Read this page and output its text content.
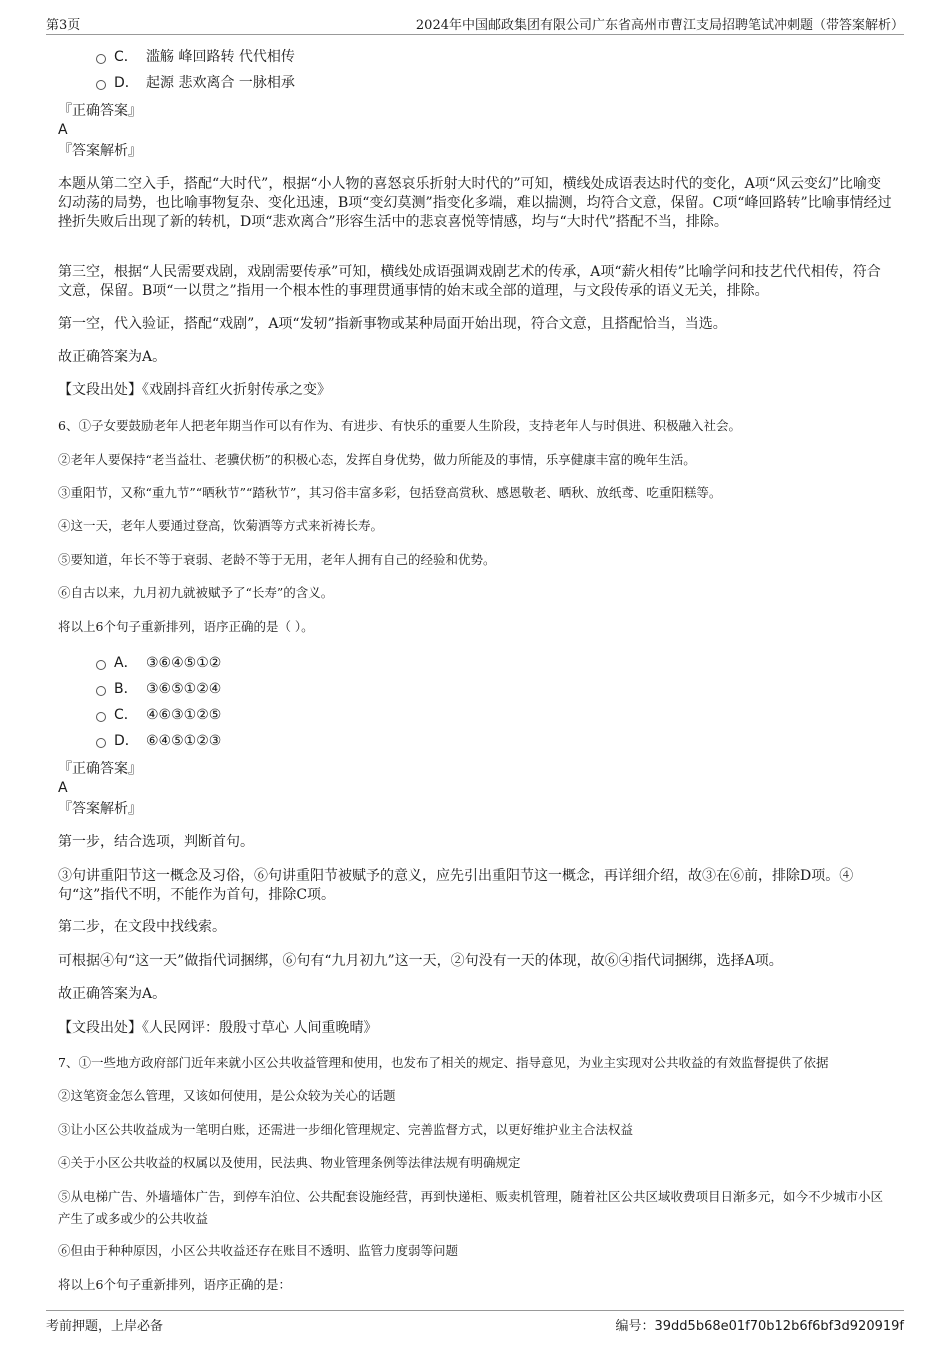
第3页	2024年中国邮政集团有限公司广东省高州市曹江支局招聘笔试冲刺题（带答案解析）
C． 滥觞 峰回路转 代代相传
D． 起源 悲欢离合 一脉相承
『正确答案』
A
『答案解析』

本题从第二空入手，搭配“大时代”，根据“小人物的喜怒哀乐折射大时代的”可知，横线处成语表达时代的变化，A项“风云变幻”比喻变幻动荡的局势，也比喻事物复杂、变化迅速，B项“变幻莫测”指变化多端，难以揣测，均符合文意，保留。C项“峰回路转”比喻事情经过挫折失败后出现了新的转机，D项“悲欢离合”形容生活中的悲哀喜悦等情感，均与“大时代”搭配不当，排除。

第三空，根据“人民需要戏剧，戏剧需要传承”可知，横线处成语强调戏剧艺术的传承，A项“薪火相传”比喻学问和技艺代代相传，符合文意，保留。B项“一以贯之”指用一个根本性的事理贯通事情的始末或全部的道理，与文段传承的语义无关，排除。

第一空，代入验证，搭配“戏剧”，A项“发轫”指新事物或某种局面开始出现，符合文意，且搭配恰当，当选。

故正确答案为A。

【文段出处】《戏剧抖音红火折射传承之变》

6、①子女要鼓励老年人把老年期当作可以有作为、有进步、有快乐的重要人生阶段，支持老年人与时俱进、积极融入社会。

②老年人要保持“老当益壮、老骥伏枥”的积极心态，发挥自身优势，做力所能及的事情，乐享健康丰富的晚年生活。

③重阳节，又称“重九节”“晒秋节”“踏秋节”，其习俗丰富多彩，包括登高赏秋、感恩敬老、晒秋、放纸鸢、吃重阳糕等。

④这一天，老年人要通过登高，饮菊酒等方式来祈祷长寿。

⑤要知道，年长不等于衰弱、老龄不等于无用，老年人拥有自己的经验和优势。

⑥自古以来，九月初九就被赋予了“长寿”的含义。

将以上6个句子重新排列，语序正确的是（ ）。

A． ③⑥④⑤①②
B． ③⑥⑤①②④
C． ④⑥③①②⑤
D． ⑥④⑤①②③
『正确答案』
A
『答案解析』

第一步，结合选项，判断首句。

③句讲重阳节这一概念及习俗，⑥句讲重阳节被赋予的意义，应先引出重阳节这一概念，再详细介绍，故③在⑥前，排除D项。④句“这”指代不明，不能作为首句，排除C项。

第二步，在文段中找线索。

可根据④句“这一天”做指代词捆绑，⑥句有“九月初九”这一天，②句没有一天的体现，故⑥④指代词捆绑，选择A项。

故正确答案为A。

【文段出处】《人民网评：殷殷寸草心 人间重晚晴》

7、①一些地方政府部门近年来就小区公共收益管理和使用，也发布了相关的规定、指导意见，为业主实现对公共收益的有效监督提供了依据

②这笔资金怎么管理，又该如何使用，是公众较为关心的话题

③让小区公共收益成为一笔明白账，还需进一步细化管理规定、完善监督方式，以更好维护业主合法权益

④关于小区公共收益的权属以及使用，民法典、物业管理条例等法律法规有明确规定

⑤从电梯广告、外墙墙体广告，到停车泊位、公共配套设施经营，再到快递柜、贩卖机管理，随着社区公共区域收费项目日渐多元，如今不少城市小区产生了或多或少的公共收益

⑥但由于种种原因，小区公共收益还存在账目不透明、监管力度弱等问题

将以上6个句子重新排列，语序正确的是：

考前押题，上岸必备	编号：39dd5b68e01f70b12b6f6bf3d920919f
